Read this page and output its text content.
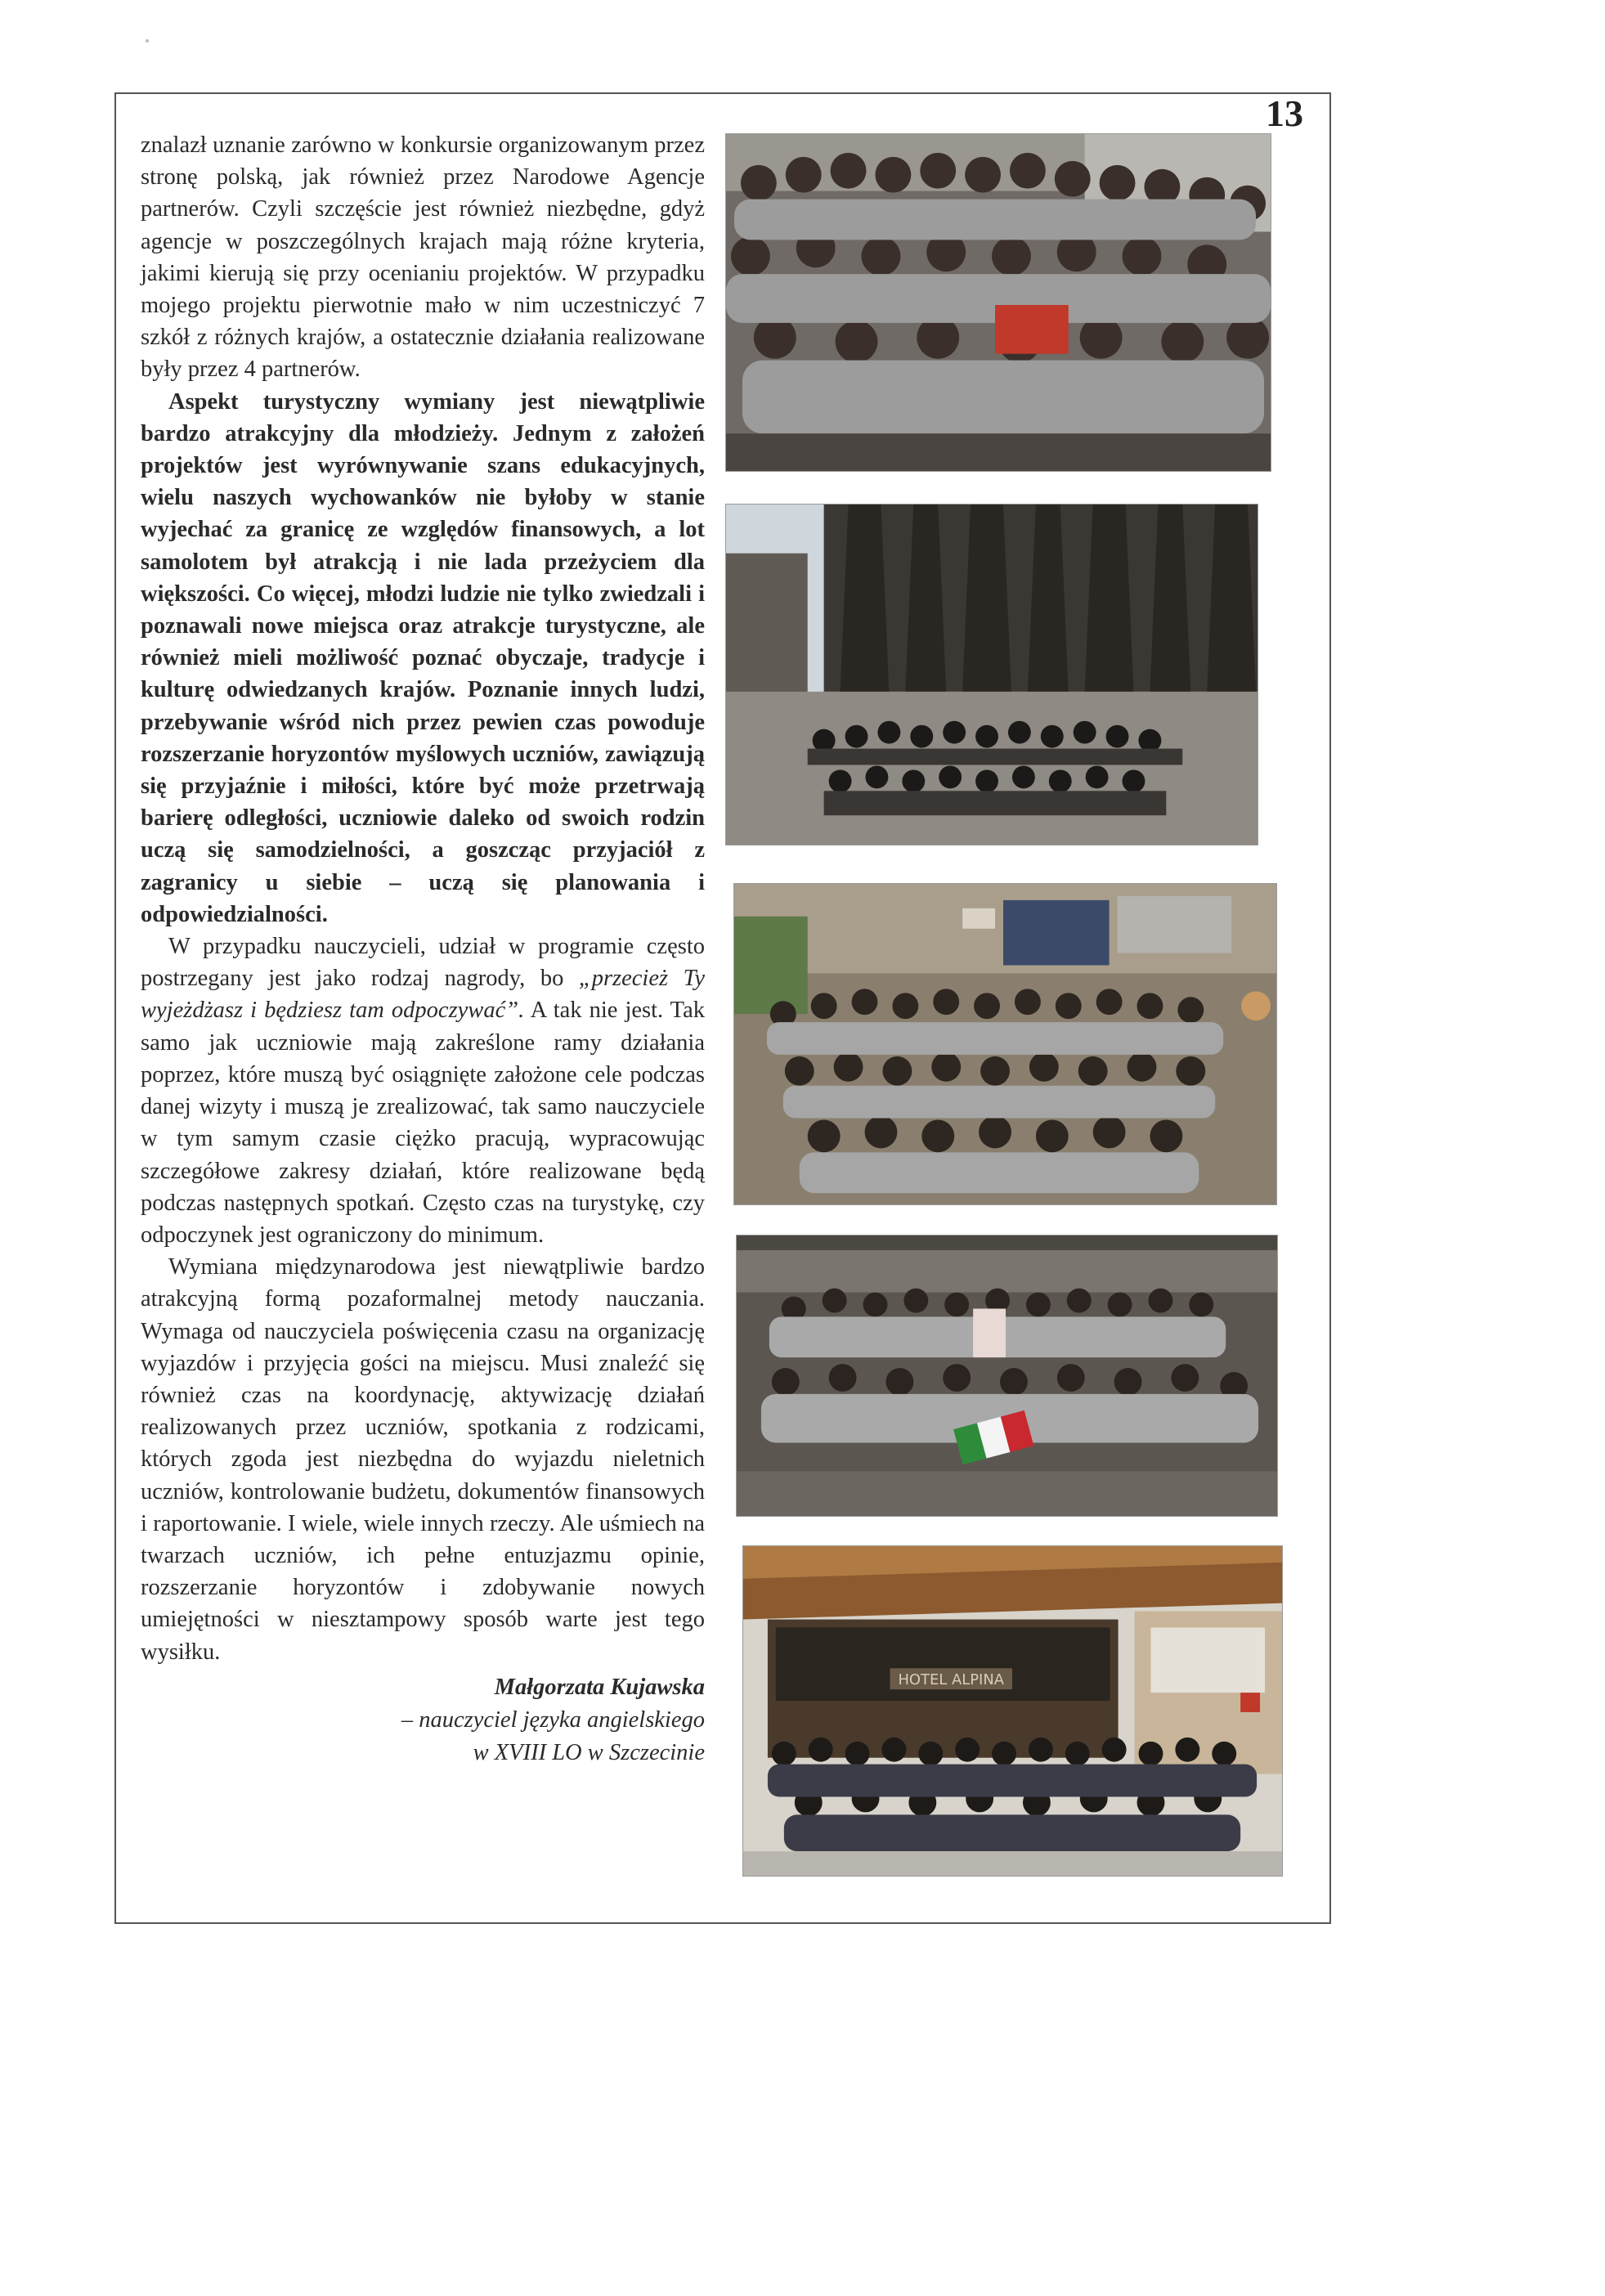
13

znalazł uznanie zarówno w konkursie organizowanym przez stronę polską, jak również przez Narodowe Agencje partnerów. Czyli szczęście jest również niezbędne, gdyż agencje w poszczególnych krajach mają różne kryteria, jakimi kierują się przy ocenianiu projektów. W przypadku mojego projektu pierwotnie mało w nim uczestniczyć 7 szkół z różnych krajów, a ostatecznie działania realizowane były przez 4 partnerów.

Aspekt turystyczny wymiany jest niewątpliwie bardzo atrakcyjny dla młodzieży. Jednym z założeń projektów jest wyrównywanie szans edukacyjnych, wielu naszych wychowanków nie byłoby w stanie wyjechać za granicę ze względów finansowych, a lot samolotem był atrakcją i nie lada przeżyciem dla większości. Co więcej, młodzi ludzie nie tylko zwiedzali i poznawali nowe miejsca oraz atrakcje turystyczne, ale również mieli możliwość poznać obyczaje, tradycje i kulturę odwiedzanych krajów. Poznanie innych ludzi, przebywanie wśród nich przez pewien czas powoduje rozszerzanie horyzontów myślowych uczniów, zawiązują się przyjaźnie i miłości, które być może przetrwają barierę odległości, uczniowie daleko od swoich rodzin uczą się samodzielności, a goszcząc przyjaciół z zagranicy u siebie – uczą się planowania i odpowiedzialności.

W przypadku nauczycieli, udział w programie często postrzegany jest jako rodzaj nagrody, bo „przecież Ty wyjeżdżasz i będziesz tam odpoczywać”. A tak nie jest. Tak samo jak uczniowie mają zakreślone ramy działania poprzez, które muszą być osiągnięte założone cele podczas danej wizyty i muszą je zrealizować, tak samo nauczyciele w tym samym czasie ciężko pracują, wypracowując szczegółowe zakresy działań, które realizowane będą podczas następnych spotkań. Często czas na turystykę, czy odpoczynek jest ograniczony do minimum.

Wymiana międzynarodowa jest niewątpliwie bardzo atrakcyjną formą pozaformalnej metody nauczania. Wymaga od nauczyciela poświęcenia czasu na organizację wyjazdów i przyjęcia gości na miejscu. Musi znaleźć się również czas na koordynację, aktywizację działań realizowanych przez uczniów, spotkania z rodzicami, których zgoda jest niezbędna do wyjazdu nieletnich uczniów, kontrolowanie budżetu, dokumentów finansowych i raportowanie. I wiele, wiele innych rzeczy. Ale uśmiech na twarzach uczniów, ich pełne entuzjazmu opinie, rozszerzanie horyzontów i zdobywanie nowych umiejętności w niesztampowy sposób warte jest tego wysiłku.

Małgorzata Kujawska
– nauczyciel języka angielskiego
w XVIII LO w Szczecinie
HOTEL ALPINA
